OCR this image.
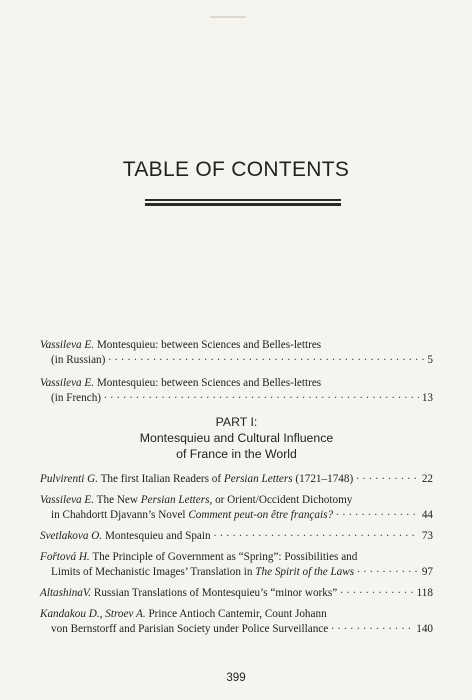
TABLE OF CONTENTS
Vassileva E. Montesquieu: between Sciences and Belles-lettres
(in Russian) . . .	5
Vassileva E. Montesquieu: between Sciences and Belles-lettres
(in French) . . .	13
PART I:
Montesquieu and Cultural Influence
of France in the World
Pulvirenti G. The first Italian Readers of Persian Letters (1721–1748) . . .	22
Vassileva E. The New Persian Letters, or Orient/Occident Dichotomy
in Chahdortt Djavann’s Novel Comment peut-on être français? . . .	44
Svetlakova O. Montesquieu and Spain . . .	73
Fořtová H. The Principle of Government as “Spring”: Possibilities and
Limits of Mechanistic Images’ Translation in The Spirit of the Laws . . .	97
AltashinaV. Russian Translations of Montesquieu’s “minor works” . . .	118
Kandakou D., Stroev A. Prince Antioch Cantemir, Count Johann
von Bernstorff and Parisian Society under Police Surveillance . . .	140
399
